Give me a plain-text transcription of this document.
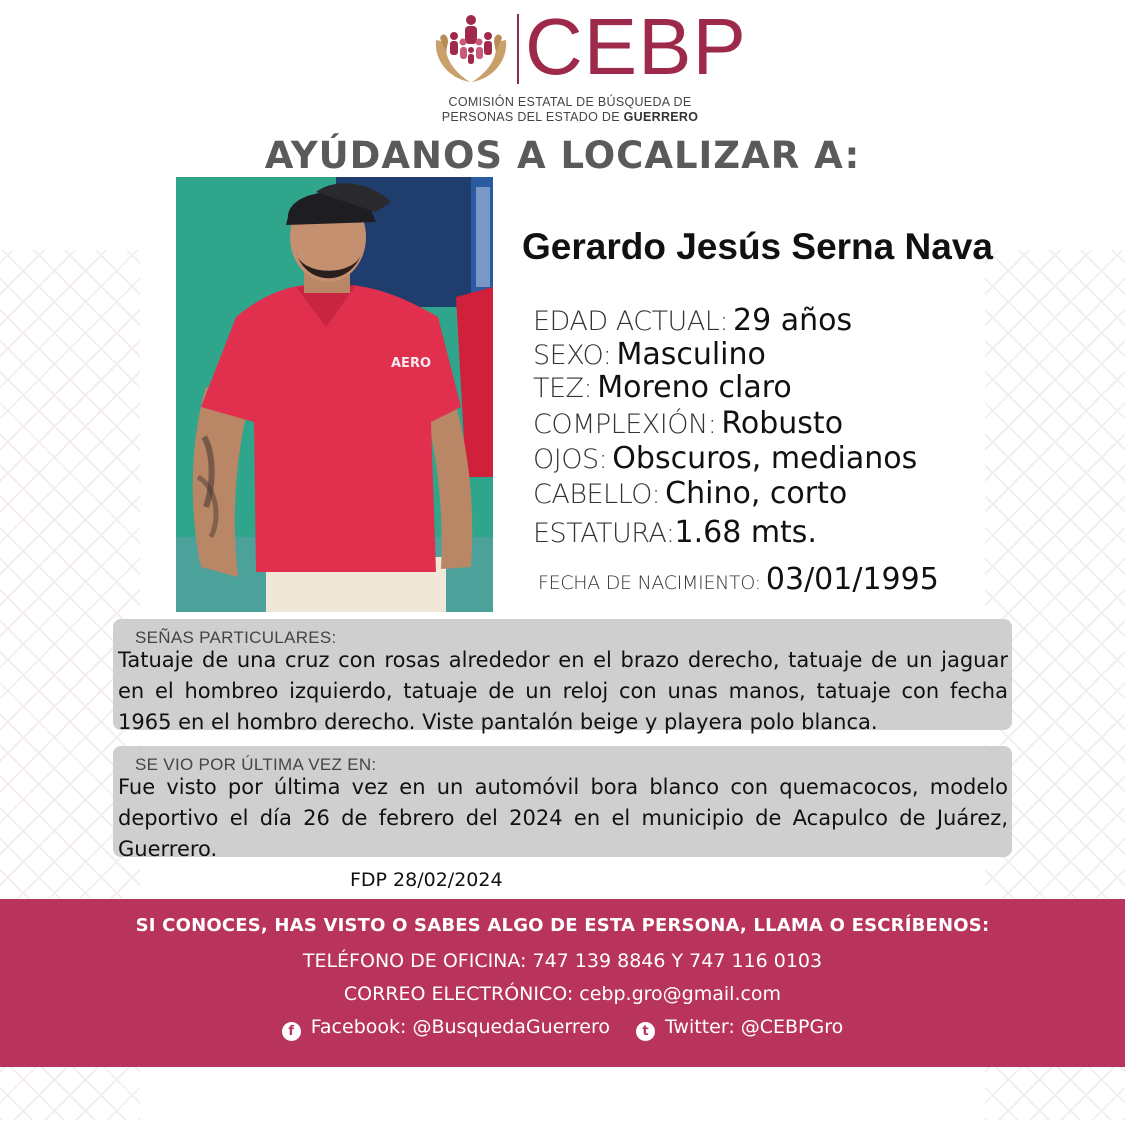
CEBP
COMISIÓN ESTATAL DE BÚSQUEDA DE
PERSONAS DEL ESTADO DE GUERRERO
AYÚDANOS A LOCALIZAR A:
AERO
Gerardo Jesús Serna Nava
EDAD ACTUAL: 29 años
SEXO: Masculino
TEZ: Moreno claro
COMPLEXIÓN: Robusto
OJOS: Obscuros, medianos
CABELLO: Chino, corto
ESTATURA:1.68 mts.
FECHA DE NACIMIENTO: 03/01/1995
SEÑAS PARTICULARES:
Tatuaje de una cruz con rosas alrededor en el brazo derecho, tatuaje de un jaguar en el hombreo izquierdo, tatuaje de un reloj con unas manos, tatuaje con fecha 1965 en el hombro derecho. Viste pantalón beige y playera polo blanca.
SE VIO POR ÚLTIMA VEZ EN:
Fue visto por última vez en un automóvil bora blanco con quemacocos, modelo deportivo el día 26 de febrero del 2024 en el municipio de Acapulco de Juárez, Guerrero.
FDP 28/02/2024
SI CONOCES, HAS VISTO O SABES ALGO DE ESTA PERSONA, LLAMA O ESCRÍBENOS:
TELÉFONO DE OFICINA: 747 139 8846 Y 747 116 0103
CORREO ELECTRÓNICO: cebp.gro@gmail.com
f Facebook: @BusquedaGuerrero t Twitter: @CEBPGro
